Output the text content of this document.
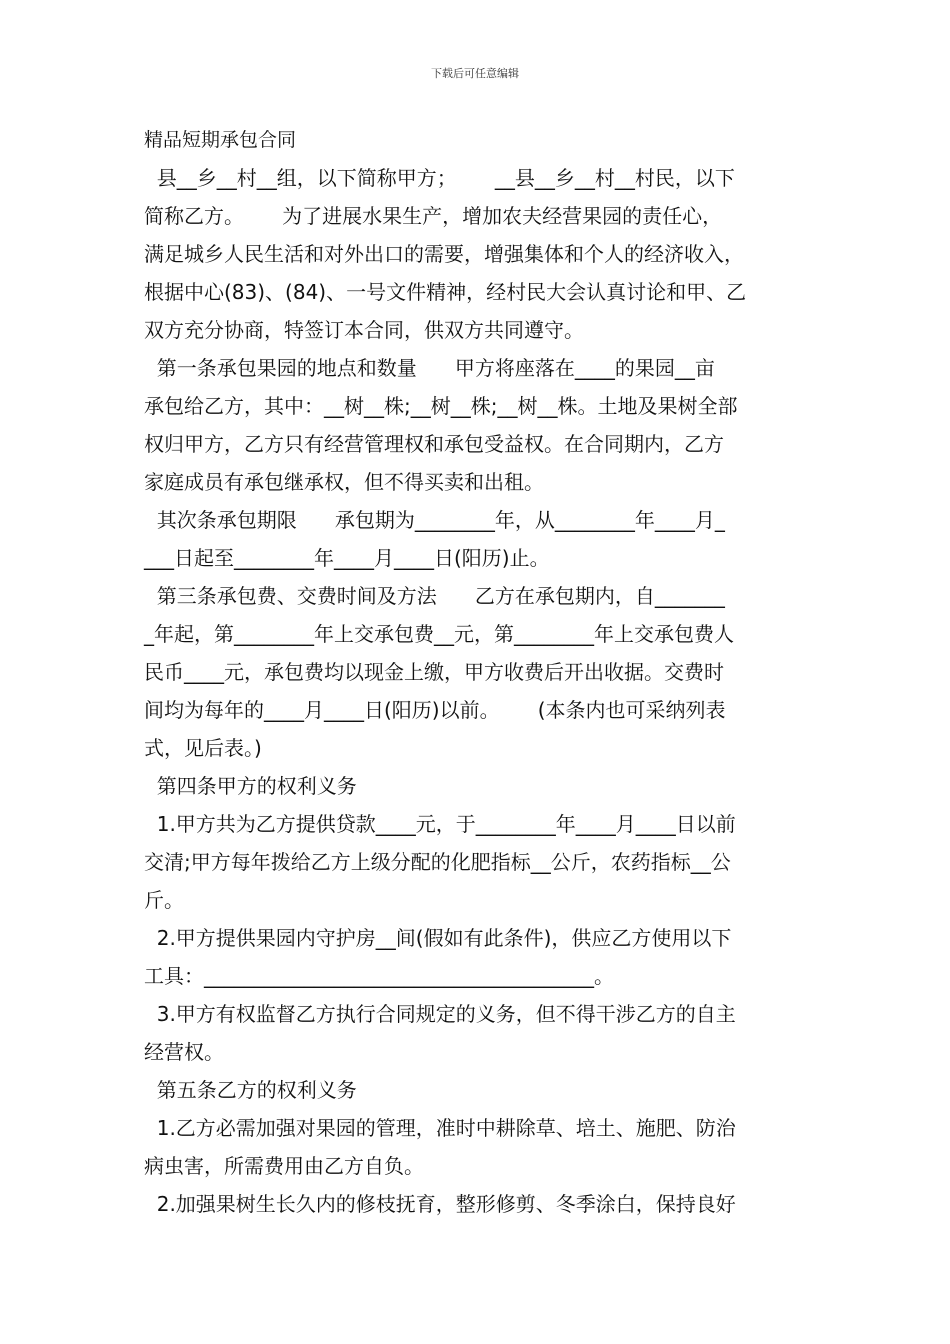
下载后可任意编辑
精品短期承包合同
县__乡__村__组，以下简称甲方；      __县__乡__村__村民，以下
简称乙方。      为了进展水果生产，增加农夫经营果园的责任心，
满足城乡人民生活和对外出口的需要，增强集体和个人的经济收入，
根据中心(83)、(84)、一号文件精神，经村民大会认真讨论和甲、乙
双方充分协商，特签订本合同，供双方共同遵守。
第一条承包果园的地点和数量      甲方将座落在____的果园__亩
承包给乙方，其中：__树__株;__树__株;__树__株。土地及果树全部
权归甲方，乙方只有经营管理权和承包受益权。在合同期内，乙方
家庭成员有承包继承权，但不得买卖和出租。
其次条承包期限      承包期为________年，从________年____月_
___日起至________年____月____日(阳历)止。
第三条承包费、交费时间及方法      乙方在承包期内，自_______
_年起，第________年上交承包费__元，第________年上交承包费人
民币____元，承包费均以现金上缴，甲方收费后开出收据。交费时
间均为每年的____月____日(阳历)以前。      (本条内也可采纳列表
式，见后表。)
第四条甲方的权利义务
1.甲方共为乙方提供贷款____元，于________年____月____日以前
交清;甲方每年拨给乙方上级分配的化肥指标__公斤，农药指标__公
斤。
2.甲方提供果园内守护房__间(假如有此条件)，供应乙方使用以下
工具：_______________________________________。
3.甲方有权监督乙方执行合同规定的义务，但不得干涉乙方的自主
经营权。
第五条乙方的权利义务
1.乙方必需加强对果园的管理，准时中耕除草、培土、施肥、防治
病虫害，所需费用由乙方自负。
2.加强果树生长久内的修枝抚育，整形修剪、冬季涂白，保持良好
